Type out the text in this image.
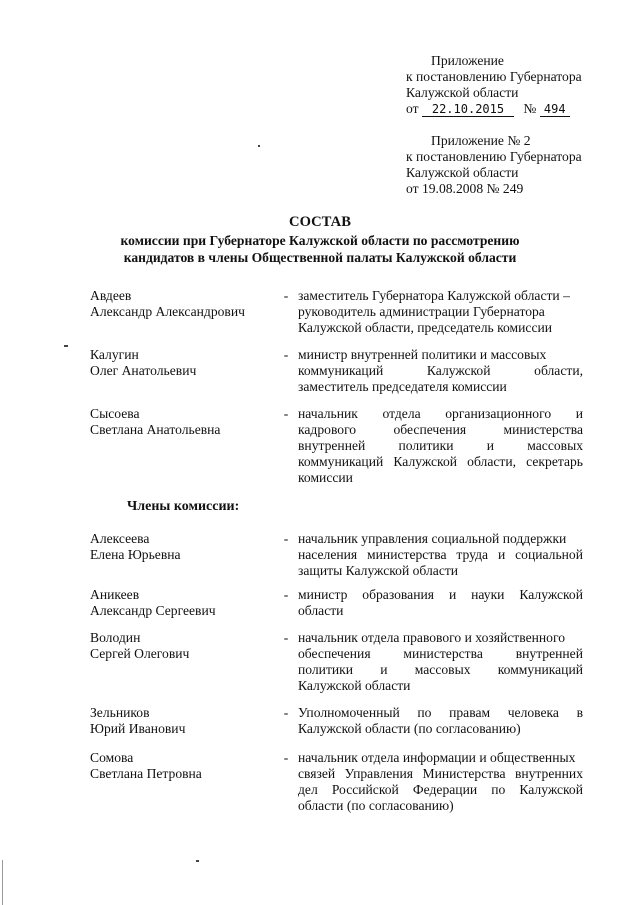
Приложение
к постановлению Губернатора
Калужской области
от 22.10.2015 № 494
Приложение № 2
к постановлению Губернатора
Калужской области
от 19.08.2008 № 249
СОСТАВ
комиссии при Губернаторе Калужской области по рассмотрению
кандидатов в члены Общественной палаты Калужской области
Авдеев
Александр Александрович
- заместитель Губернатора Калужской области –
руководитель администрации Губернатора
Калужской области, председатель комиссии
Калугин
Олег Анатольевич
- министр внутренней политики и массовых
коммуникаций Калужской области,
заместитель председателя комиссии
Сысоева
Светлана Анатольевна
- начальник отдела организационного и
кадрового обеспечения министерства
внутренней политики и массовых
коммуникаций Калужской области, секретарь
комиссии
Члены комиссии:
Алексеева
Елена Юрьевна
- начальник управления социальной поддержки
населения министерства труда и социальной
защиты Калужской области
Аникеев
Александр Сергеевич
- министр образования и науки Калужской
области
Володин
Сергей Олегович
- начальник отдела правового и хозяйственного
обеспечения министерства внутренней
политики и массовых коммуникаций
Калужской области
Зельников
Юрий Иванович
- Уполномоченный по правам человека в
Калужской области (по согласованию)
Сомова
Светлана Петровна
- начальник отдела информации и общественных
связей Управления Министерства внутренних
дел Российской Федерации по Калужской
области (по согласованию)
